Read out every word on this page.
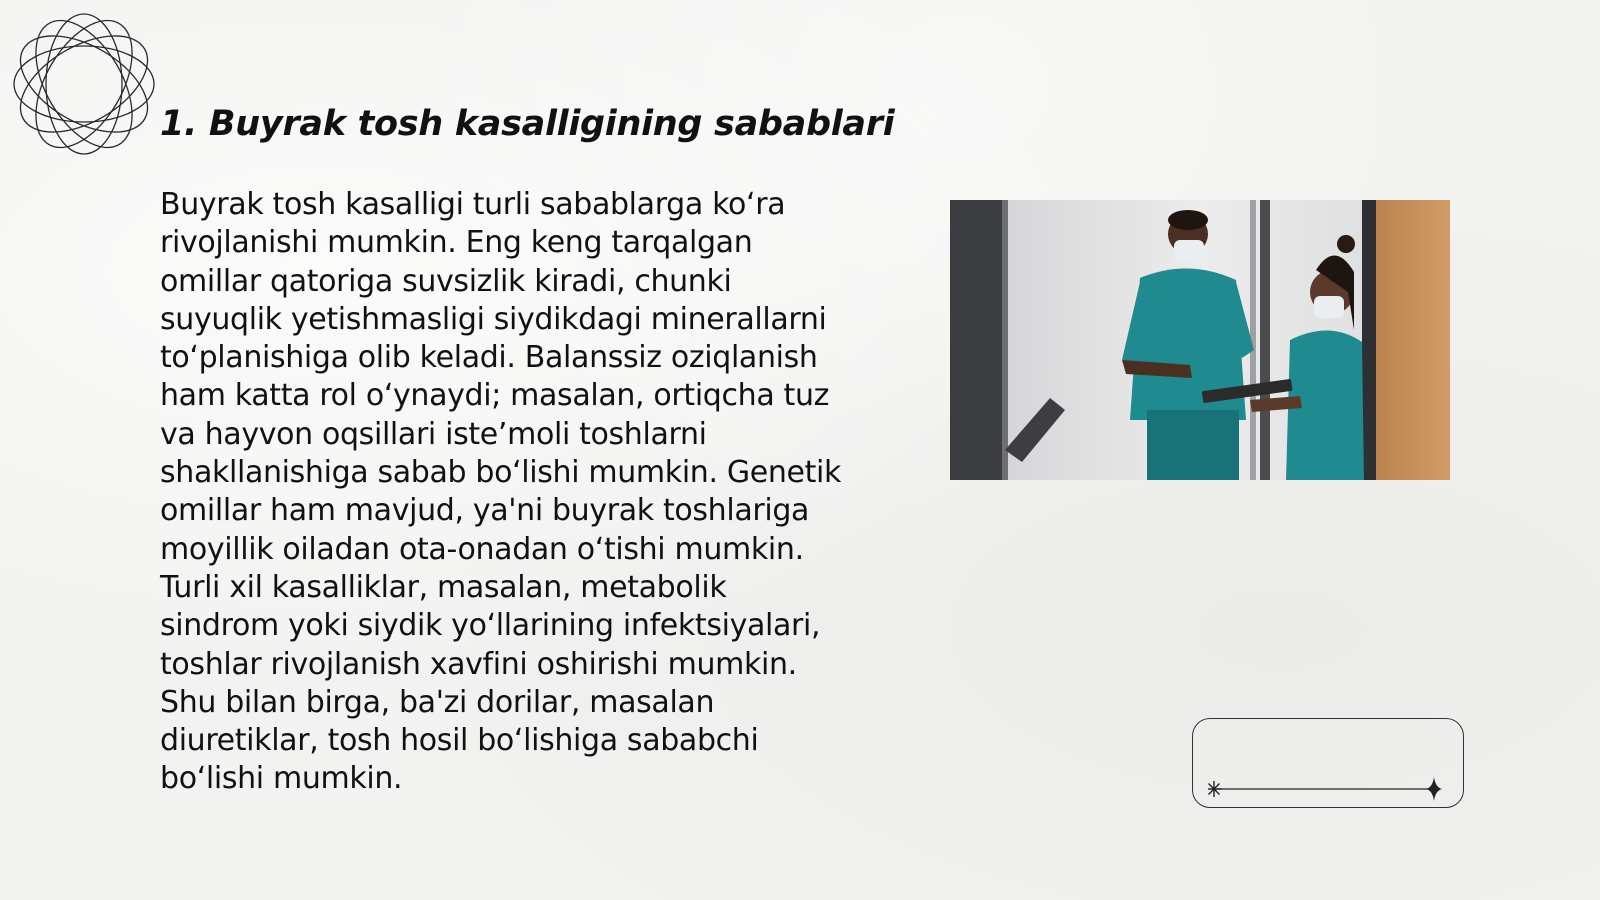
1. Buyrak tosh kasalligining sabablari

Buyrak tosh kasalligi turli sabablarga ko‘ra rivojlanishi mumkin. Eng keng tarqalgan omillar qatoriga suvsizlik kiradi, chunki suyuqlik yetishmasligi siydikdagi minerallarni to‘planishiga olib keladi. Balanssiz oziqlanish ham katta rol o‘ynaydi; masalan, ortiqcha tuz va hayvon oqsillari iste’moli toshlarni shakllanishiga sabab bo‘lishi mumkin. Genetik omillar ham mavjud, ya'ni buyrak toshlariga moyillik oiladan ota-onadan o‘tishi mumkin. Turli xil kasalliklar, masalan, metabolik sindrom yoki siydik yo‘llarining infektsiyalari, toshlar rivojlanish xavfini oshirishi mumkin. Shu bilan birga, ba'zi dorilar, masalan diuretiklar, tosh hosil bo‘lishiga sababchi bo‘lishi mumkin.
